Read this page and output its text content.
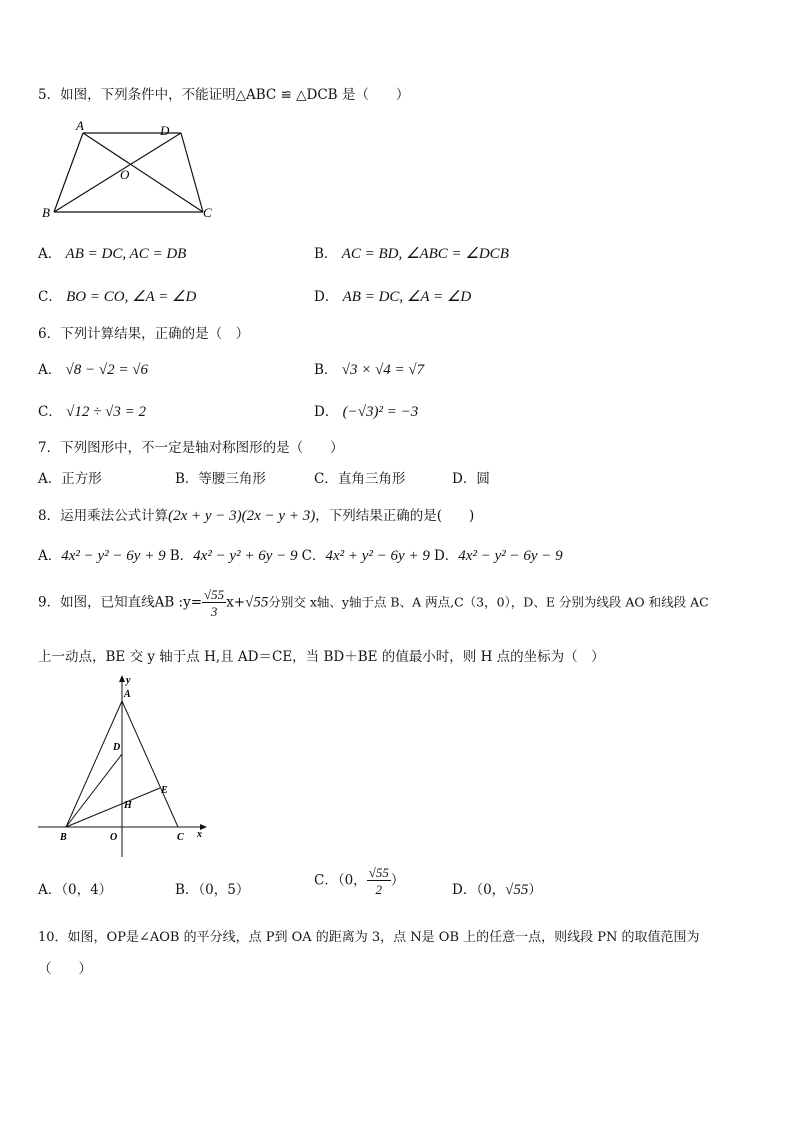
5．如图，下列条件中，不能证明△ABC ≌ △DCB 是（　　）
A	D
O
B	C
A． AB = DC, AC = DB	B． AC = BD, ∠ABC = ∠DCB
C． BO = CO, ∠A = ∠D	D． AB = DC, ∠A = ∠D
6．下列计算结果，正确的是（　）
A． √8 − √2 = √6	B． √3 × √4 = √7
C． √12 ÷ √3 = 2	D． (−√3)² = −3
7．下列图形中，不一定是轴对称图形的是（　　）
A．正方形	B．等腰三角形	C．直角三角形	D．圆
8．运用乘法公式计算(2x + y − 3)(2x − y + 3)，下列结果正确的是(　　)
A．4x² − y² − 6y + 9 B．4x² − y² + 6y − 9 C．4x² + y² − 6y + 9 D．4x² − y² − 6y − 9
9．如图，已知直线AB :y= $\frac{√55}{3} x+√55$分别交 x轴、y轴于点 B、A 两点,C（3，0），D、E 分别为线段 AO 和线段 AC
上一动点，BE 交 y 轴于点 H,且 AD＝CE，当 BD＋BE 的值最小时，则 H 点的坐标为（　）
y
A
D
E
H
B	O	C x
A．（0，4）	B．（0，5）
C．（0， $\frac{√55}{2}$ ）
D．（0，√55）
10．如图，OP是∠AOB 的平分线，点 P到 OA 的距离为 3，点 N是 OB 上的任意一点，则线段 PN 的取值范围为
（　　）
